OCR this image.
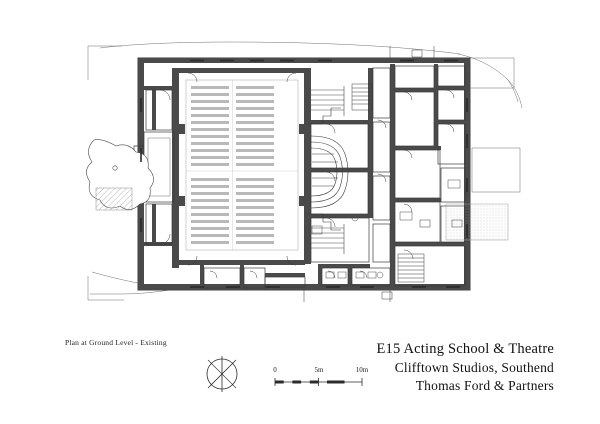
Plan at Ground Level - Existing
0	5m	10m
E15 Acting School & Theatre
Clifftown Studios, Southend
Thomas Ford & Partners
